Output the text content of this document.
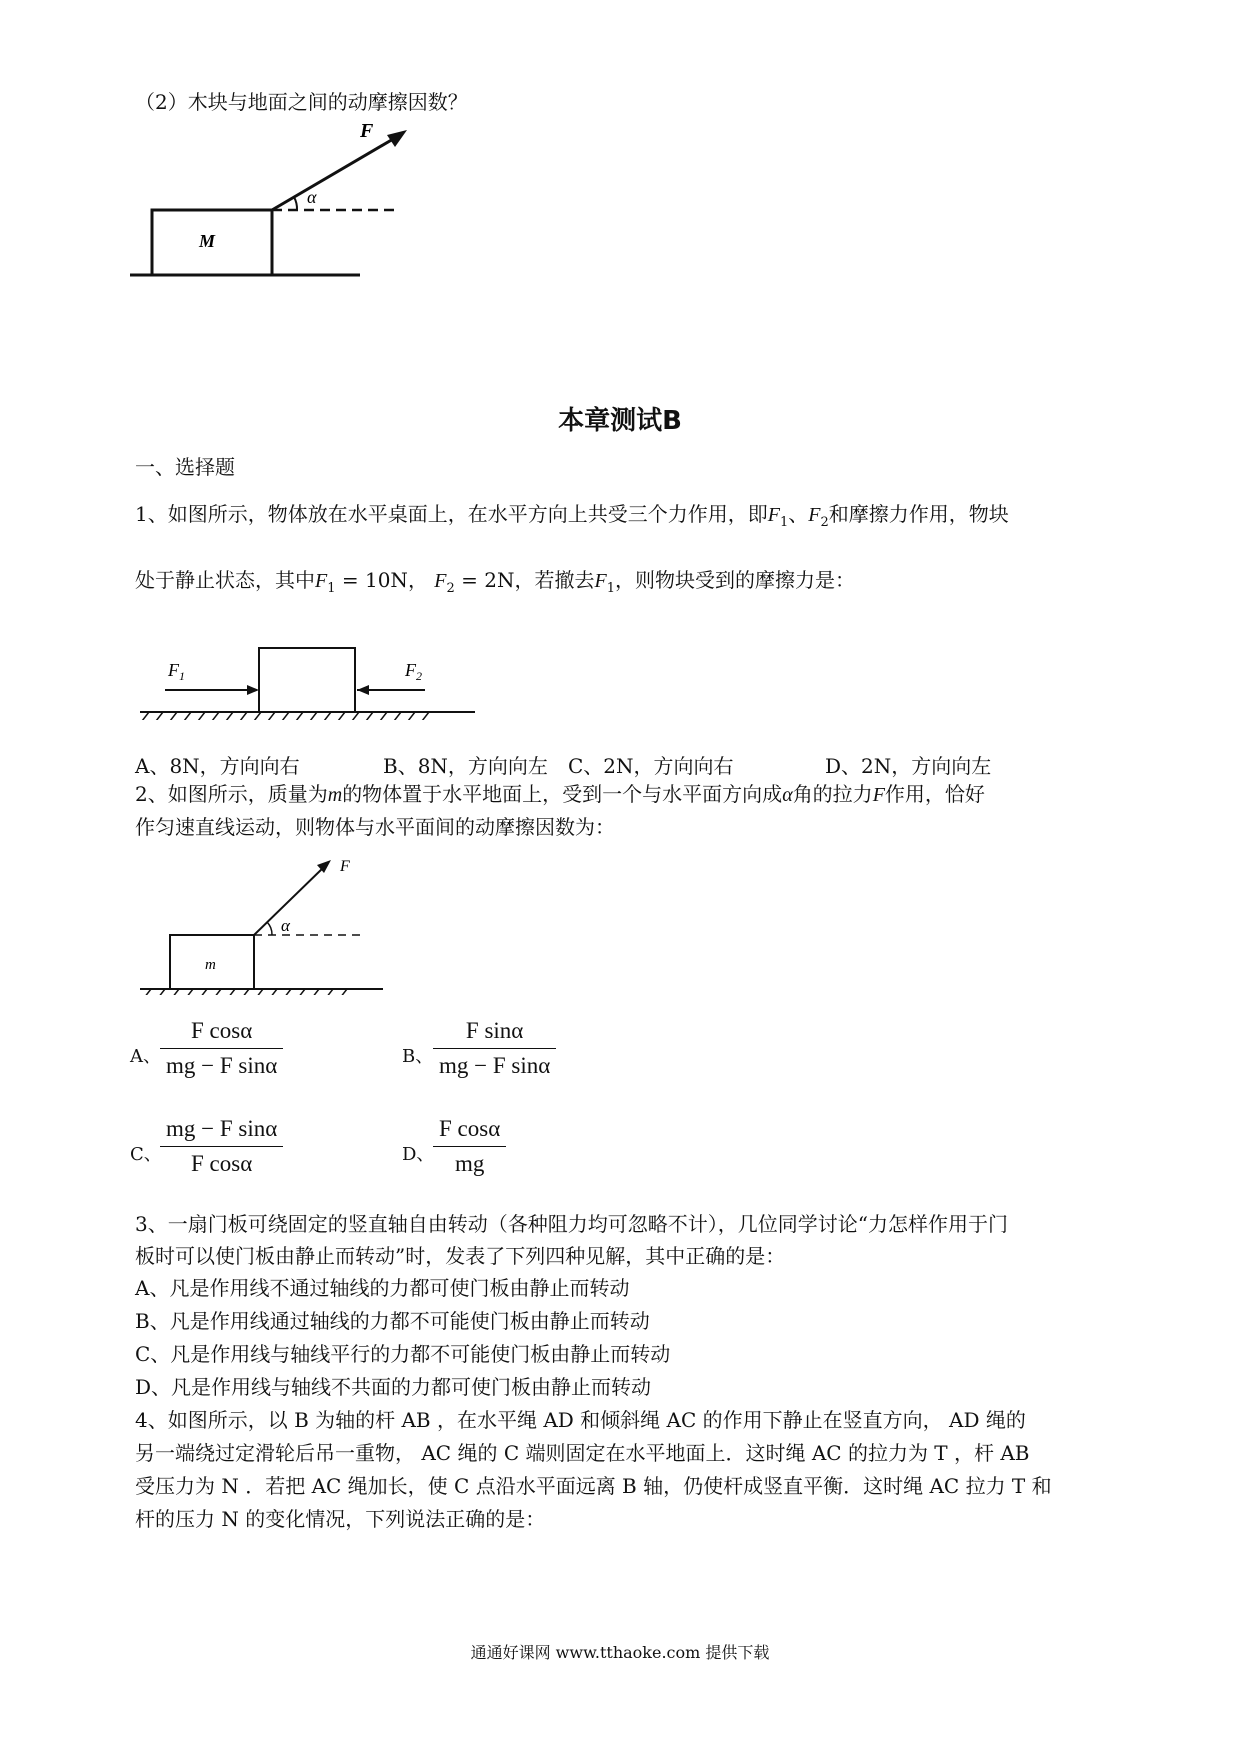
（2）木块与地面之间的动摩擦因数？
F
α
M
本章测试B
一、选择题
1、如图所示，物体放在水平桌面上，在水平方向上共受三个力作用，即$F_1$、$F_2$和摩擦力作用，物块
处于静止状态，其中$F_1 = 10N$， $F_2 = 2N$，若撤去$F_1$，则物块受到的摩擦力是：
$F_1$	$F_2$
A、8N，方向向右	B、8N，方向向左 C、2N，方向向右	D、2N，方向向左
2、如图所示，质量为m的物体置于水平地面上，受到一个与水平面方向成α角的拉力F作用，恰好
作匀速直线运动，则物体与水平面间的动摩擦因数为：
F
α
m
A、 $\frac{\text{F cosα}}{\text{mg − F sinα}}$	B、 $\frac{\text{F sinα}}{\text{mg − F sinα}}$
C、
$\frac{\text{mg − F sinα}}{\text{F cosα}}$	D、
$\frac{\text{F cosα}}{mg}$
3、一扇门板可绕固定的竖直轴自由转动（各种阻力均可忽略不计），几位同学讨论“力怎样作用于门
板时可以使门板由静止而转动”时，发表了下列四种见解，其中正确的是：
A、凡是作用线不通过轴线的力都可使门板由静止而转动
B、凡是作用线通过轴线的力都不可能使门板由静止而转动
C、凡是作用线与轴线平行的力都不可能使门板由静止而转动
D、凡是作用线与轴线不共面的力都可使门板由静止而转动
4、如图所示，以 B 为轴的杆 AB ，在水平绳 AD 和倾斜绳 AC 的作用下静止在竖直方向， AD 绳的
另一端绕过定滑轮后吊一重物， AC 绳的 C 端则固定在水平地面上．这时绳 AC 的拉力为 T ，杆 AB
受压力为 N ．若把 AC 绳加长，使 C 点沿水平面远离 B 轴，仍使杆成竖直平衡．这时绳 AC 拉力 T 和
杆的压力 N 的变化情况，下列说法正确的是：
通通好课网 www.tthaoke.com 提供下载
